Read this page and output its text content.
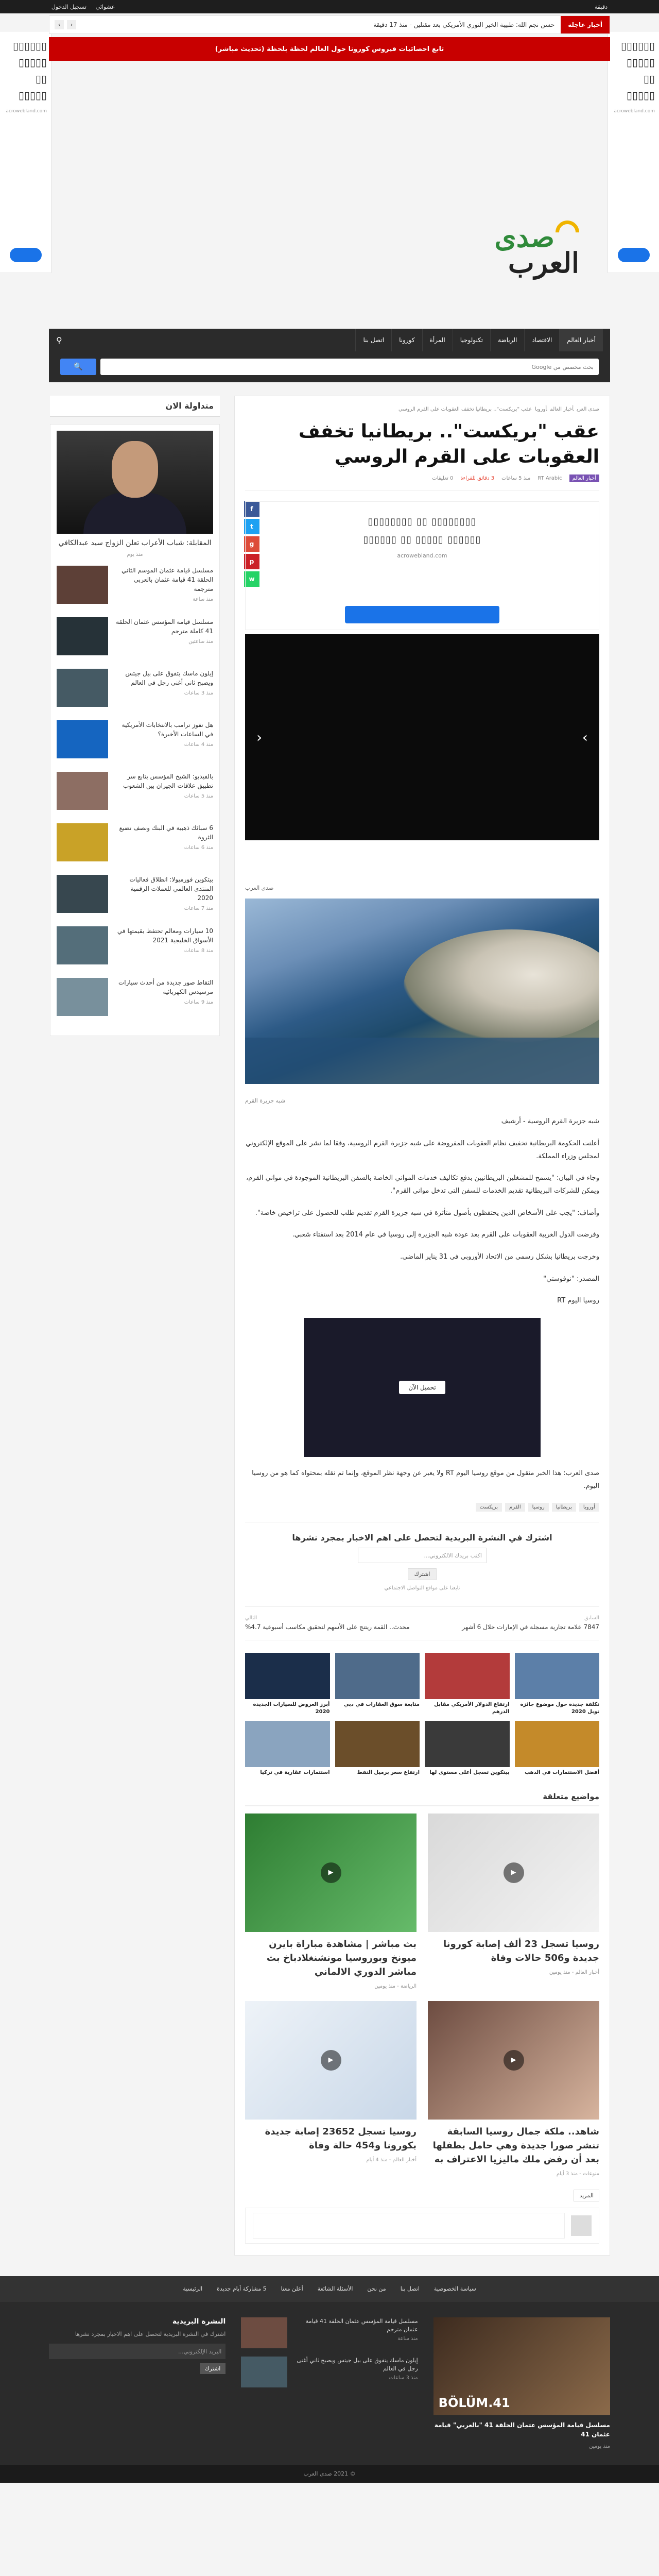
دقيقة
عشوائي
تسجيل الدخول
▯▯▯▯▯▯ ▯▯▯▯▯ ▯▯ ▯▯▯▯▯
acrowebland.com
▯▯▯▯▯▯ ▯▯▯▯▯ ▯▯ ▯▯▯▯▯
acrowebland.com
أخبار عاجلة
حسن نجم الله: طبيبة الخير النوري الأمريكي بعد مقتلين - منذ 17 دقيقة
‹
›
تابع احصائيات فيروس كورونا حول العالم لحظة بلحظة (تحديث مباشر)
صدى
العرب
أخبار العالم
الاقتصاد
الرياضة
تكنولوجيا
المرأة
كورونا
اتصل بنا
⚲
بحث مخصص من Google
🔍
صدى العربأخبار العالمأوروباعقب "بريكست".. بريطانيا تخفف العقوبات على القرم الروسي
عقب "بريكست".. بريطانيا تخفف العقوبات على القرم الروسي
أخبار العالم
RT Arabic
منذ 5 ساعات
3 دقائق للقراءة
0 تعليقات
f
t
g
p
w
▯▯▯▯▯▯▯▯ ▯▯ ▯▯▯▯▯▯▯▯
▯▯▯▯▯▯ ▯▯▯▯▯ ▯▯ ▯▯▯▯▯▯
acrowebland.com
‹	›
صدى العرب
شبه جزيرة القرم

شبه جزيرة القرم الروسية - أرشيف

أعلنت الحكومة البريطانية تخفيف نظام العقوبات المفروضة على شبه جزيرة القرم الروسية، وفقا لما نشر على الموقع الإلكتروني لمجلس وزراء المملكة.

وجاء في البيان: "يسمح للمشغلين البريطانيين بدفع تكاليف خدمات المواني الخاصة بالسفن البريطانية الموجودة في مواني القرم، ويمكن للشركات البريطانية تقديم الخدمات للسفن التي تدخل مواني القرم".

وأضاف: "يجب على الأشخاص الذين يحتفظون بأصول متأثرة في شبه جزيرة القرم تقديم طلب للحصول على تراخيص خاصة".

وفرضت الدول الغربية العقوبات على القرم بعد عودة شبه الجزيرة إلى روسيا في عام 2014 بعد استفتاء شعبي.

وخرجت بريطانيا بشكل رسمي من الاتحاد الأوروبي في 31 يناير الماضي.

المصدر: "نوفوستي"

روسيا اليوم RT

تحميل الآن

صدى العرب: هذا الخبر منقول من موقع روسيا اليوم RT ولا يعبر عن وجهة نظر الموقع، وإنما تم نقله بمحتواه كما هو من روسيا اليوم.

أوروبا
بريطانيا
روسيا
القرم
بريكست
اشترك في النشرة البريدية لتحصل على اهم الاخبار بمجرد نشرها
اكتب بريدك الالكتروني...
اشترك
تابعنا على مواقع التواصل الاجتماعي
السابق
7847 علامة تجارية مسجلة في الإمارات خلال 6 أشهر
التالي
محدث.. القمة ريتنج على الأسهم لتحقيق مكاسب أسبوعية 4.7%
نكلفة جديدة حول موضوع جائزة نوبل 2020
ارتفاع الدولار الأمريكي مقابل الدرهم
متابعة سوق العقارات في دبي
أبرز العروض للسيارات الجديدة 2020
أفضل الاستثمارات في الذهب
بيتكوين تسجل أعلى مستوى لها
ارتفاع سعر برميل النفط
استثمارات عقارية في تركيا
مواضيع متعلقة
▶
روسيا تسجل 23 ألف إصابة كورونا جديدة و506 حالات وفاة
أخبار العالم - منذ يومين
▶
بث مباشر | مشاهدة مباراة بايرن ميونخ وبوروسيا مونشنغلادباخ بث مباشر الدوري الالماني
الرياضة - منذ يومين
▶
شاهد.. ملكة جمال روسيا السابقة تنشر صورا جديدة وهي حامل بطفلها بعد أن رفض ملك ماليزيا الاعتراف به
منوعات - منذ 3 أيام
▶
روسيا تسجل 23652 إصابة جديدة بكورونا و454 حالة وفاة
أخبار العالم - منذ 4 أيام
المزيد
متداولة الان
المقابلة: شباب الأعراب تعلن الزواج سيد عبدالكافي
منذ يوم
مسلسل قيامة عثمان الموسم الثاني الحلقة 41 قيامة عثمان بالعربي مترجمة
منذ ساعة
مسلسل قيامة المؤسس عثمان الحلقة 41 كاملة مترجم
منذ ساعتين
إيلون ماسك يتفوق على بيل جيتس ويصبح ثاني أغنى رجل في العالم
منذ 3 ساعات
هل تفوز ترامب بالانتخابات الأمريكية في الساعات الأخيرة؟
منذ 4 ساعات
بالفيديو: الشيخ المؤسس يتابع سر تطبيق علاقات الجيران بين الشعوب
منذ 5 ساعات
6 سبائك ذهبية في البنك ونصف تضيع الثروة
منذ 6 ساعات
بيتكوين فورميولا: انطلاق فعاليات المنتدى العالمي للعملات الرقمية 2020
منذ 7 ساعات
10 سيارات ومعالم تحتفظ بقيمتها في الأسواق الخليجية 2021
منذ 8 ساعات
التقاط صور جديدة من أحدث سيارات مرسيدس الكهربائية
منذ 9 ساعات
سياسة الخصوصية
اتصل بنا
من نحن
الأسئلة الشائعة
أعلن معنا
5 مشاركة أيام جديدة
الرئيسية
41.BÖLÜM
مسلسل قيامة المؤسس عثمان الحلقة 41 "بالعربي" قيامة عثمان 41
منذ يومين
مسلسل قيامة المؤسس عثمان الحلقة 41 قيامة عثمان مترجم
منذ ساعة
إيلون ماسك يتفوق على بيل جيتس ويصبح ثاني أغنى رجل في العالم
منذ 3 ساعات
النشرة البريدية

اشترك في النشرة البريدية لتحصل على اهم الاخبار بمجرد نشرها

البريد الإلكتروني...
اشترك
© 2021 صدى العرب
